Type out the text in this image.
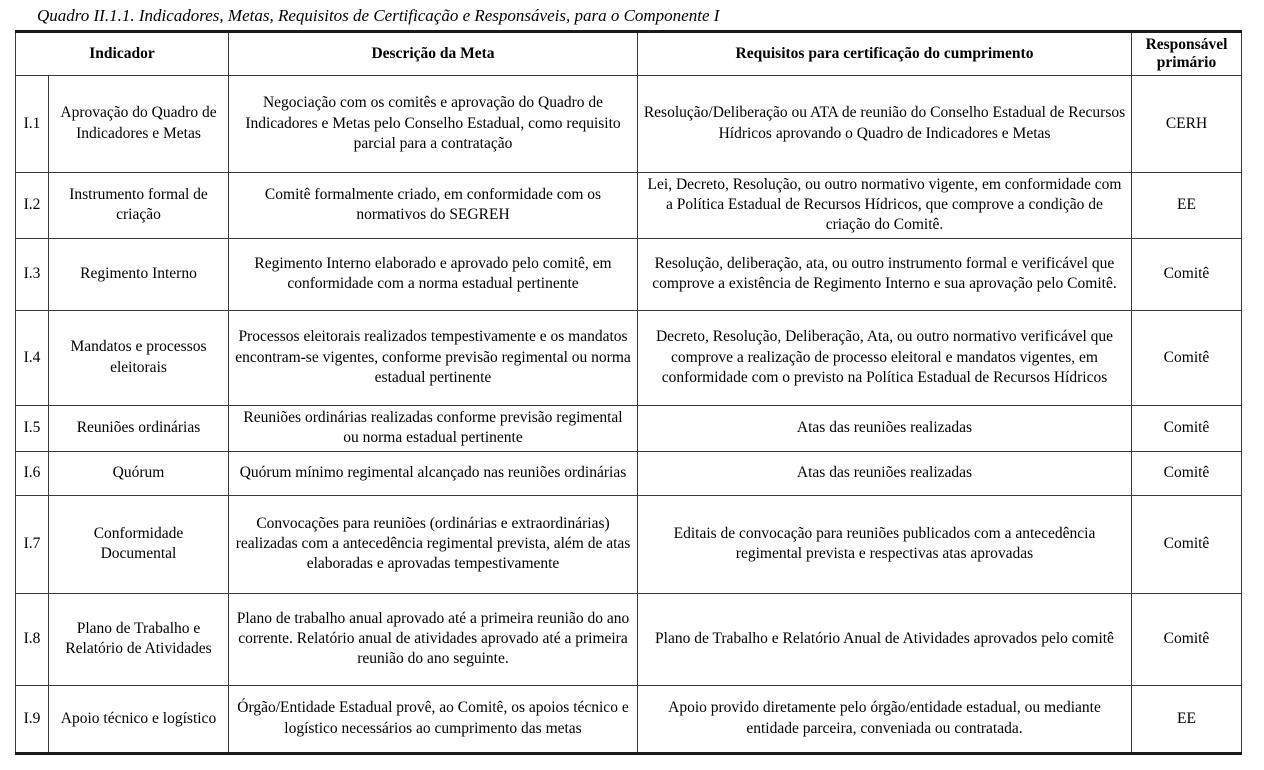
Quadro II.1.1. Indicadores, Metas, Requisitos de Certificação e Responsáveis, para o Componente I
Indicador		Descrição da Meta	Requisitos para certificação do cumprimento	Responsável primário
I.1	Aprovação do Quadro de Indicadores e Metas	Negociação com os comitês e aprovação do Quadro de Indicadores e Metas pelo Conselho Estadual, como requisito parcial para a contratação	Resolução/Deliberação ou ATA de reunião do Conselho Estadual de Recursos Hídricos aprovando o Quadro de Indicadores e Metas	CERH
I.2	Instrumento formal de criação	Comitê formalmente criado, em conformidade com os normativos do SEGREH	Lei, Decreto, Resolução, ou outro normativo vigente, em conformidade com a Política Estadual de Recursos Hídricos, que comprove a condição de criação do Comitê.	EE
I.3	Regimento Interno	Regimento Interno elaborado e aprovado pelo comitê, em conformidade com a norma estadual pertinente	Resolução, deliberação, ata, ou outro instrumento formal e verificável que comprove a existência de Regimento Interno e sua aprovação pelo Comitê.	Comitê
I.4	Mandatos e processos eleitorais	Processos eleitorais realizados tempestivamente e os mandatos encontram-se vigentes, conforme previsão regimental ou norma estadual pertinente	Decreto, Resolução, Deliberação, Ata, ou outro normativo verificável que comprove a realização de processo eleitoral e mandatos vigentes, em conformidade com o previsto na Política Estadual de Recursos Hídricos	Comitê
I.5	Reuniões ordinárias	Reuniões ordinárias realizadas conforme previsão regimental ou norma estadual pertinente	Atas das reuniões realizadas	Comitê
I.6	Quórum	Quórum mínimo regimental alcançado nas reuniões ordinárias	Atas das reuniões realizadas	Comitê
I.7	Conformidade Documental	Convocações para reuniões (ordinárias e extraordinárias) realizadas com a antecedência regimental prevista, além de atas elaboradas e aprovadas tempestivamente	Editais de convocação para reuniões publicados com a antecedência regimental prevista e respectivas atas aprovadas	Comitê
I.8	Plano de Trabalho e Relatório de Atividades	Plano de trabalho anual aprovado até a primeira reunião do ano corrente. Relatório anual de atividades aprovado até a primeira reunião do ano seguinte.	Plano de Trabalho e Relatório Anual de Atividades aprovados pelo comitê	Comitê
I.9	Apoio técnico e logístico	Órgão/Entidade Estadual provê, ao Comitê, os apoios técnico e logístico necessários ao cumprimento das metas	Apoio provido diretamente pelo órgão/entidade estadual, ou mediante entidade parceira, conveniada ou contratada.	EE
